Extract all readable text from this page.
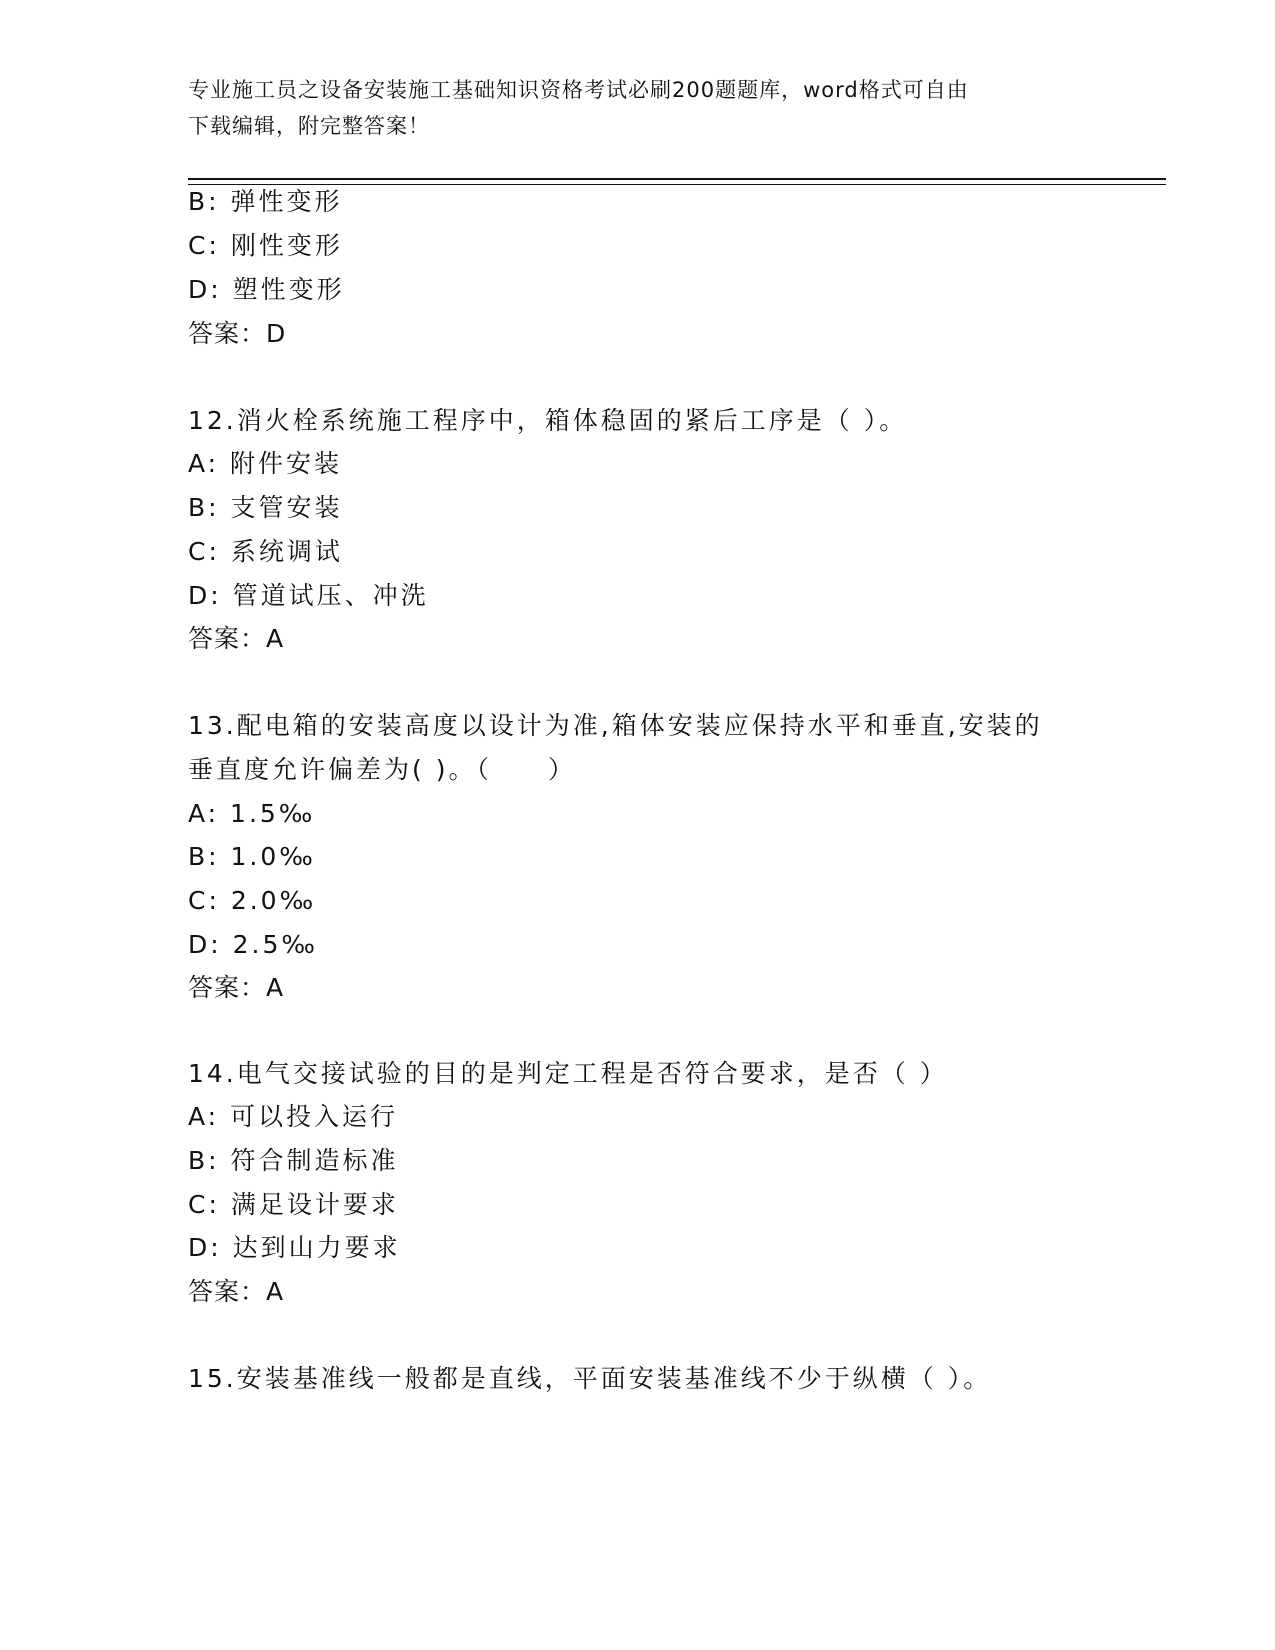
专业施工员之设备安装施工基础知识资格考试必刷200题题库，word格式可自由
下载编辑，附完整答案！
B: 弹性变形
C: 刚性变形
D: 塑性变形
答案：D
12.消火栓系统施工程序中，箱体稳固的紧后工序是（ ）。
A: 附件安装
B: 支管安装
C: 系统调试
D: 管道试压、冲洗
答案：A
13.配电箱的安装高度以设计为准,箱体安装应保持水平和垂直,安装的
垂直度允许偏差为( )。（　　）
A: 1.5‰
B: 1.0‰
C: 2.0‰
D: 2.5‰
答案：A
14.电气交接试验的目的是判定工程是否符合要求，是否（ ）
A: 可以投入运行
B: 符合制造标准
C: 满足设计要求
D: 达到山力要求
答案：A
15.安装基准线一般都是直线，平面安装基准线不少于纵横（ ）。
